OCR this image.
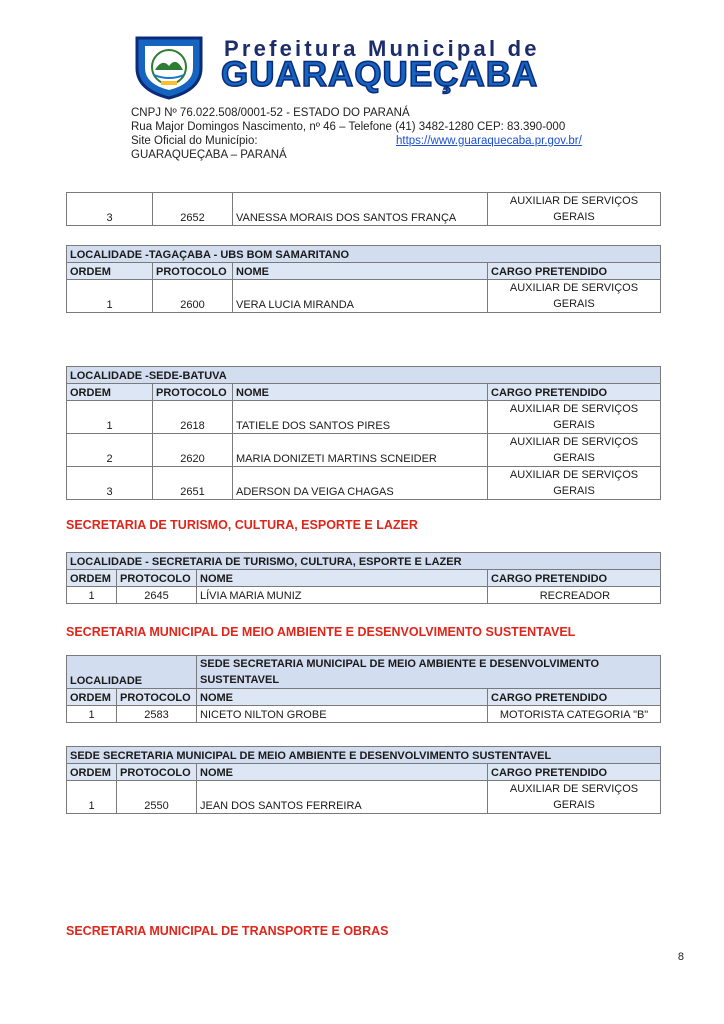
Prefeitura Municipal de
GUARAQUEÇABA
CNPJ Nº 76.022.508/0001-52 - ESTADO DO PARANÁ
Rua Major Domingos Nascimento, nº 46 – Telefone (41) 3482-1280 CEP: 83.390-000
Site Oficial do Município:	https://www.guaraquecaba.pr.gov.br/
GUARAQUEÇABA – PARANÁ
3	2652	VANESSA MORAIS DOS SANTOS FRANÇA	AUXILIAR DE SERVIÇOS GERAIS
LOCALIDADE -TAGAÇABA - UBS BOM SAMARITANO			
ORDEM	PROTOCOLO	NOME	CARGO PRETENDIDO
1	2600	VERA LUCIA MIRANDA	AUXILIAR DE SERVIÇOS GERAIS
LOCALIDADE -SEDE-BATUVA			
ORDEM	PROTOCOLO	NOME	CARGO PRETENDIDO
1	2618	TATIELE DOS SANTOS PIRES	AUXILIAR DE SERVIÇOS GERAIS
2	2620	MARIA DONIZETI MARTINS SCNEIDER	AUXILIAR DE SERVIÇOS GERAIS
3	2651	ADERSON DA VEIGA CHAGAS	AUXILIAR DE SERVIÇOS GERAIS
SECRETARIA DE TURISMO, CULTURA, ESPORTE E LAZER
LOCALIDADE - SECRETARIA DE TURISMO, CULTURA, ESPORTE E LAZER			
ORDEM	PROTOCOLO	NOME	CARGO PRETENDIDO
1	2645	LÍVIA MARIA MUNIZ	RECREADOR
SECRETARIA MUNICIPAL DE MEIO AMBIENTE E DESENVOLVIMENTO SUSTENTAVEL
LOCALIDADE		SEDE SECRETARIA MUNICIPAL DE MEIO AMBIENTE E DESENVOLVIMENTO SUSTENTAVEL	
ORDEM	PROTOCOLO	NOME	CARGO PRETENDIDO
1	2583	NICETO NILTON GROBE	MOTORISTA CATEGORIA "B"
SEDE SECRETARIA MUNICIPAL DE MEIO AMBIENTE E DESENVOLVIMENTO SUSTENTAVEL			
ORDEM	PROTOCOLO	NOME	CARGO PRETENDIDO
1	2550	JEAN DOS SANTOS FERREIRA	AUXILIAR DE SERVIÇOS GERAIS
SECRETARIA MUNICIPAL DE TRANSPORTE E OBRAS
8
